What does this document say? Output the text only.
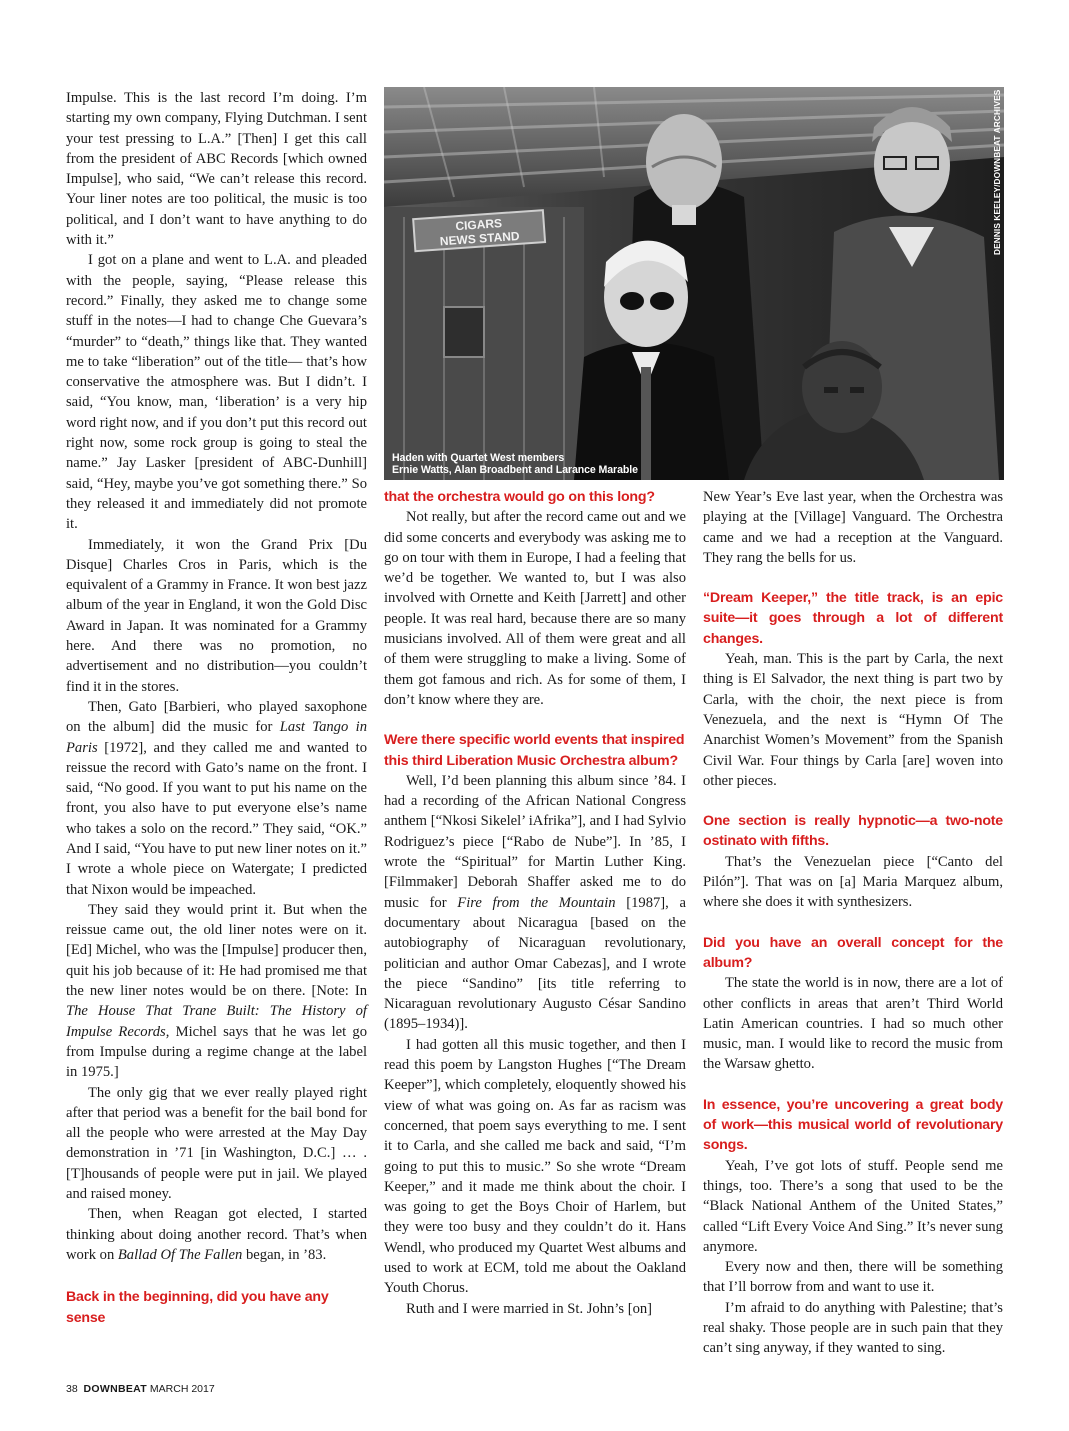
CIGARS
NEWS STAND
Haden with Quartet West members
Ernie Watts, Alan Broadbent and Larance Marable
DENNIS KEELEY/DOWNBEAT ARCHIVES

Impulse. This is the last record I’m doing. I’m starting my own company, Flying Dutchman. I sent your test pressing to L.A.” [Then] I get this call from the president of ABC Records [which owned Impulse], who said, “We can’t release this record. Your liner notes are too political, the music is too political, and I don’t want to have anything to do with it.”

I got on a plane and went to L.A. and pleaded with the people, saying, “Please release this record.” Finally, they asked me to change some stuff in the notes—I had to change Che Guevara’s “murder” to “death,” things like that. They wanted me to take “liberation” out of the title— that’s how conservative the atmosphere was. But I didn’t. I said, “You know, man, ‘liberation’ is a very hip word right now, and if you don’t put this record out right now, some rock group is going to steal the name.” Jay Lasker [president of ABC-Dunhill] said, “Hey, maybe you’ve got something there.” So they released it and immediately did not promote it.

Immediately, it won the Grand Prix [Du Disque] Charles Cros in Paris, which is the equivalent of a Grammy in France. It won best jazz album of the year in England, it won the Gold Disc Award in Japan. It was nominated for a Grammy here. And there was no promotion, no advertisement and no distribution—you couldn’t find it in the stores.

Then, Gato [Barbieri, who played saxophone on the album] did the music for Last Tango in Paris [1972], and they called me and wanted to reissue the record with Gato’s name on the front. I said, “No good. If you want to put his name on the front, you also have to put everyone else’s name who takes a solo on the record.” They said, “OK.” And I said, “You have to put new liner notes on it.” I wrote a whole piece on Watergate; I predicted that Nixon would be impeached.

They said they would print it. But when the reissue came out, the old liner notes were on it. [Ed] Michel, who was the [Impulse] producer then, quit his job because of it: He had promised me that the new liner notes would be on there. [Note: In The House That Trane Built: The History of Impulse Records, Michel says that he was let go from Impulse during a regime change at the label in 1975.]

The only gig that we ever really played right after that period was a benefit for the bail bond for all the people who were arrested at the May Day demonstration in ’71 [in Washington, D.C.] … . [T]housands of people were put in jail. We played and raised money.

Then, when Reagan got elected, I started thinking about doing another record. That’s when work on Ballad Of The Fallen began, in ’83.

Back in the beginning, did you have any sense
that the orchestra would go on this long?

Not really, but after the record came out and we did some concerts and everybody was asking me to go on tour with them in Europe, I had a feeling that we’d be together. We wanted to, but I was also involved with Ornette and Keith [Jarrett] and other people. It was real hard, because there are so many musicians involved. All of them were great and all of them were struggling to make a living. Some of them got famous and rich. As for some of them, I don’t know where they are.

Were there specific world events that inspired this third Liberation Music Orchestra album?

Well, I’d been planning this album since ’84. I had a recording of the African National Congress anthem [“Nkosi Sikelel’ iAfrika”], and I had Sylvio Rodriguez’s piece [“Rabo de Nube”]. In ’85, I wrote the “Spiritual” for Martin Luther King. [Filmmaker] Deborah Shaffer asked me to do music for Fire from the Mountain [1987], a documentary about Nicaragua [based on the autobiography of Nicaraguan revolutionary, politician and author Omar Cabezas], and I wrote the piece “Sandino” [its title referring to Nicaraguan revolutionary Augusto César Sandino (1895–1934)].

I had gotten all this music together, and then I read this poem by Langston Hughes [“The Dream Keeper”], which completely, eloquently showed his view of what was going on. As far as racism was concerned, that poem says everything to me. I sent it to Carla, and she called me back and said, “I’m going to put this to music.” So she wrote “Dream Keeper,” and it made me think about the choir. I was going to get the Boys Choir of Harlem, but they were too busy and they couldn’t do it. Hans Wendl, who produced my Quartet West albums and used to work at ECM, told me about the Oakland Youth Chorus.

Ruth and I were married in St. John’s [on]

New Year’s Eve last year, when the Orchestra was playing at the [Village] Vanguard. The Orchestra came and we had a reception at the Vanguard. They rang the bells for us.

“Dream Keeper,” the title track, is an epic suite—it goes through a lot of different changes.

Yeah, man. This is the part by Carla, the next thing is El Salvador, the next thing is part two by Carla, with the choir, the next piece is from Venezuela, and the next is “Hymn Of The Anarchist Women’s Movement” from the Spanish Civil War. Four things by Carla [are] woven into other pieces.

One section is really hypnotic—a two-note ostinato with fifths.

That’s the Venezuelan piece [“Canto del Pilón”]. That was on [a] Maria Marquez album, where she does it with synthesizers.

Did you have an overall concept for the album?

The state the world is in now, there are a lot of other conflicts in areas that aren’t Third World Latin American countries. I had so much other music, man. I would like to record the music from the Warsaw ghetto.

In essence, you’re uncovering a great body of work—this musical world of revolutionary songs.

Yeah, I’ve got lots of stuff. People send me things, too. There’s a song that used to be the “Black National Anthem of the United States,” called “Lift Every Voice And Sing.” It’s never sung anymore.

Every now and then, there will be something that I’ll borrow from and want to use it.

I’m afraid to do anything with Palestine; that’s real shaky. Those people are in such pain that they can’t sing anyway, if they wanted to sing.

38 DOWNBEAT MARCH 2017
